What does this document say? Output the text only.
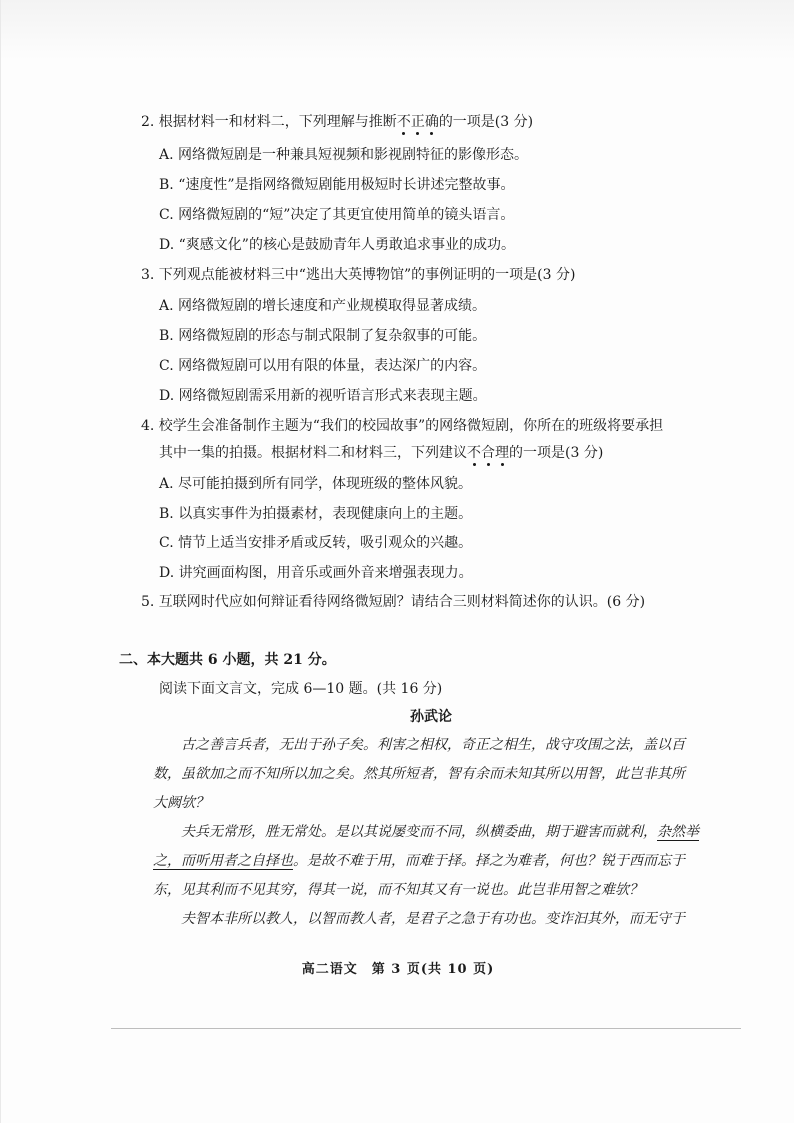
2. 根据材料一和材料二，下列理解与推断不
正
确
的一项是(3 分)
A. 网络微短剧是一种兼具短视频和影视剧特征的影像形态。
B. “速度性”是指网络微短剧能用极短时长讲述完整故事。
C. 网络微短剧的“短”决定了其更宜使用简单的镜头语言。
D. “爽感文化”的核心是鼓励青年人勇敢追求事业的成功。
3. 下列观点能被材料三中“逃出大英博物馆”的事例证明的一项是(3 分)
A. 网络微短剧的增长速度和产业规模取得显著成绩。
B. 网络微短剧的形态与制式限制了复杂叙事的可能。
C. 网络微短剧可以用有限的体量，表达深广的内容。
D. 网络微短剧需采用新的视听语言形式来表现主题。
4. 校学生会准备制作主题为“我们的校园故事”的网络微短剧，你所在的班级将要承担
其中一集的拍摄。根据材料二和材料三，下列建议不
合
理
的一项是(3 分)
A. 尽可能拍摄到所有同学，体现班级的整体风貌。
B. 以真实事件为拍摄素材，表现健康向上的主题。
C. 情节上适当安排矛盾或反转，吸引观众的兴趣。
D. 讲究画面构图，用音乐或画外音来增强表现力。
5. 互联网时代应如何辩证看待网络微短剧？请结合三则材料简述你的认识。(6 分)
二、本大题共 6 小题，共 21 分。
阅读下面文言文，完成 6—10 题。(共 16 分)
孙武论
古之善言兵者，无出于孙子矣。利害之相权，奇正之相生，战守攻围之法，盖以百
数，虽欲加之而不知所以加之矣。然其所短者，智有余而未知其所以用智，此岂非其所
大阙欤？
夫兵无常形，胜无常处。是以其说屡变而不同，纵横委曲，期于避害而就利，杂然举
之，而听用者之自择也。是故不难于用，而难于择。择之为难者，何也？锐于西而忘于
东，见其利而不见其穷，得其一说，而不知其又有一说也。此岂非用智之难欤？
夫智本非所以教人，以智而教人者，是君子之急于有功也。变诈汩其外，而无守于
高二语文　第 3 页(共 10 页)
